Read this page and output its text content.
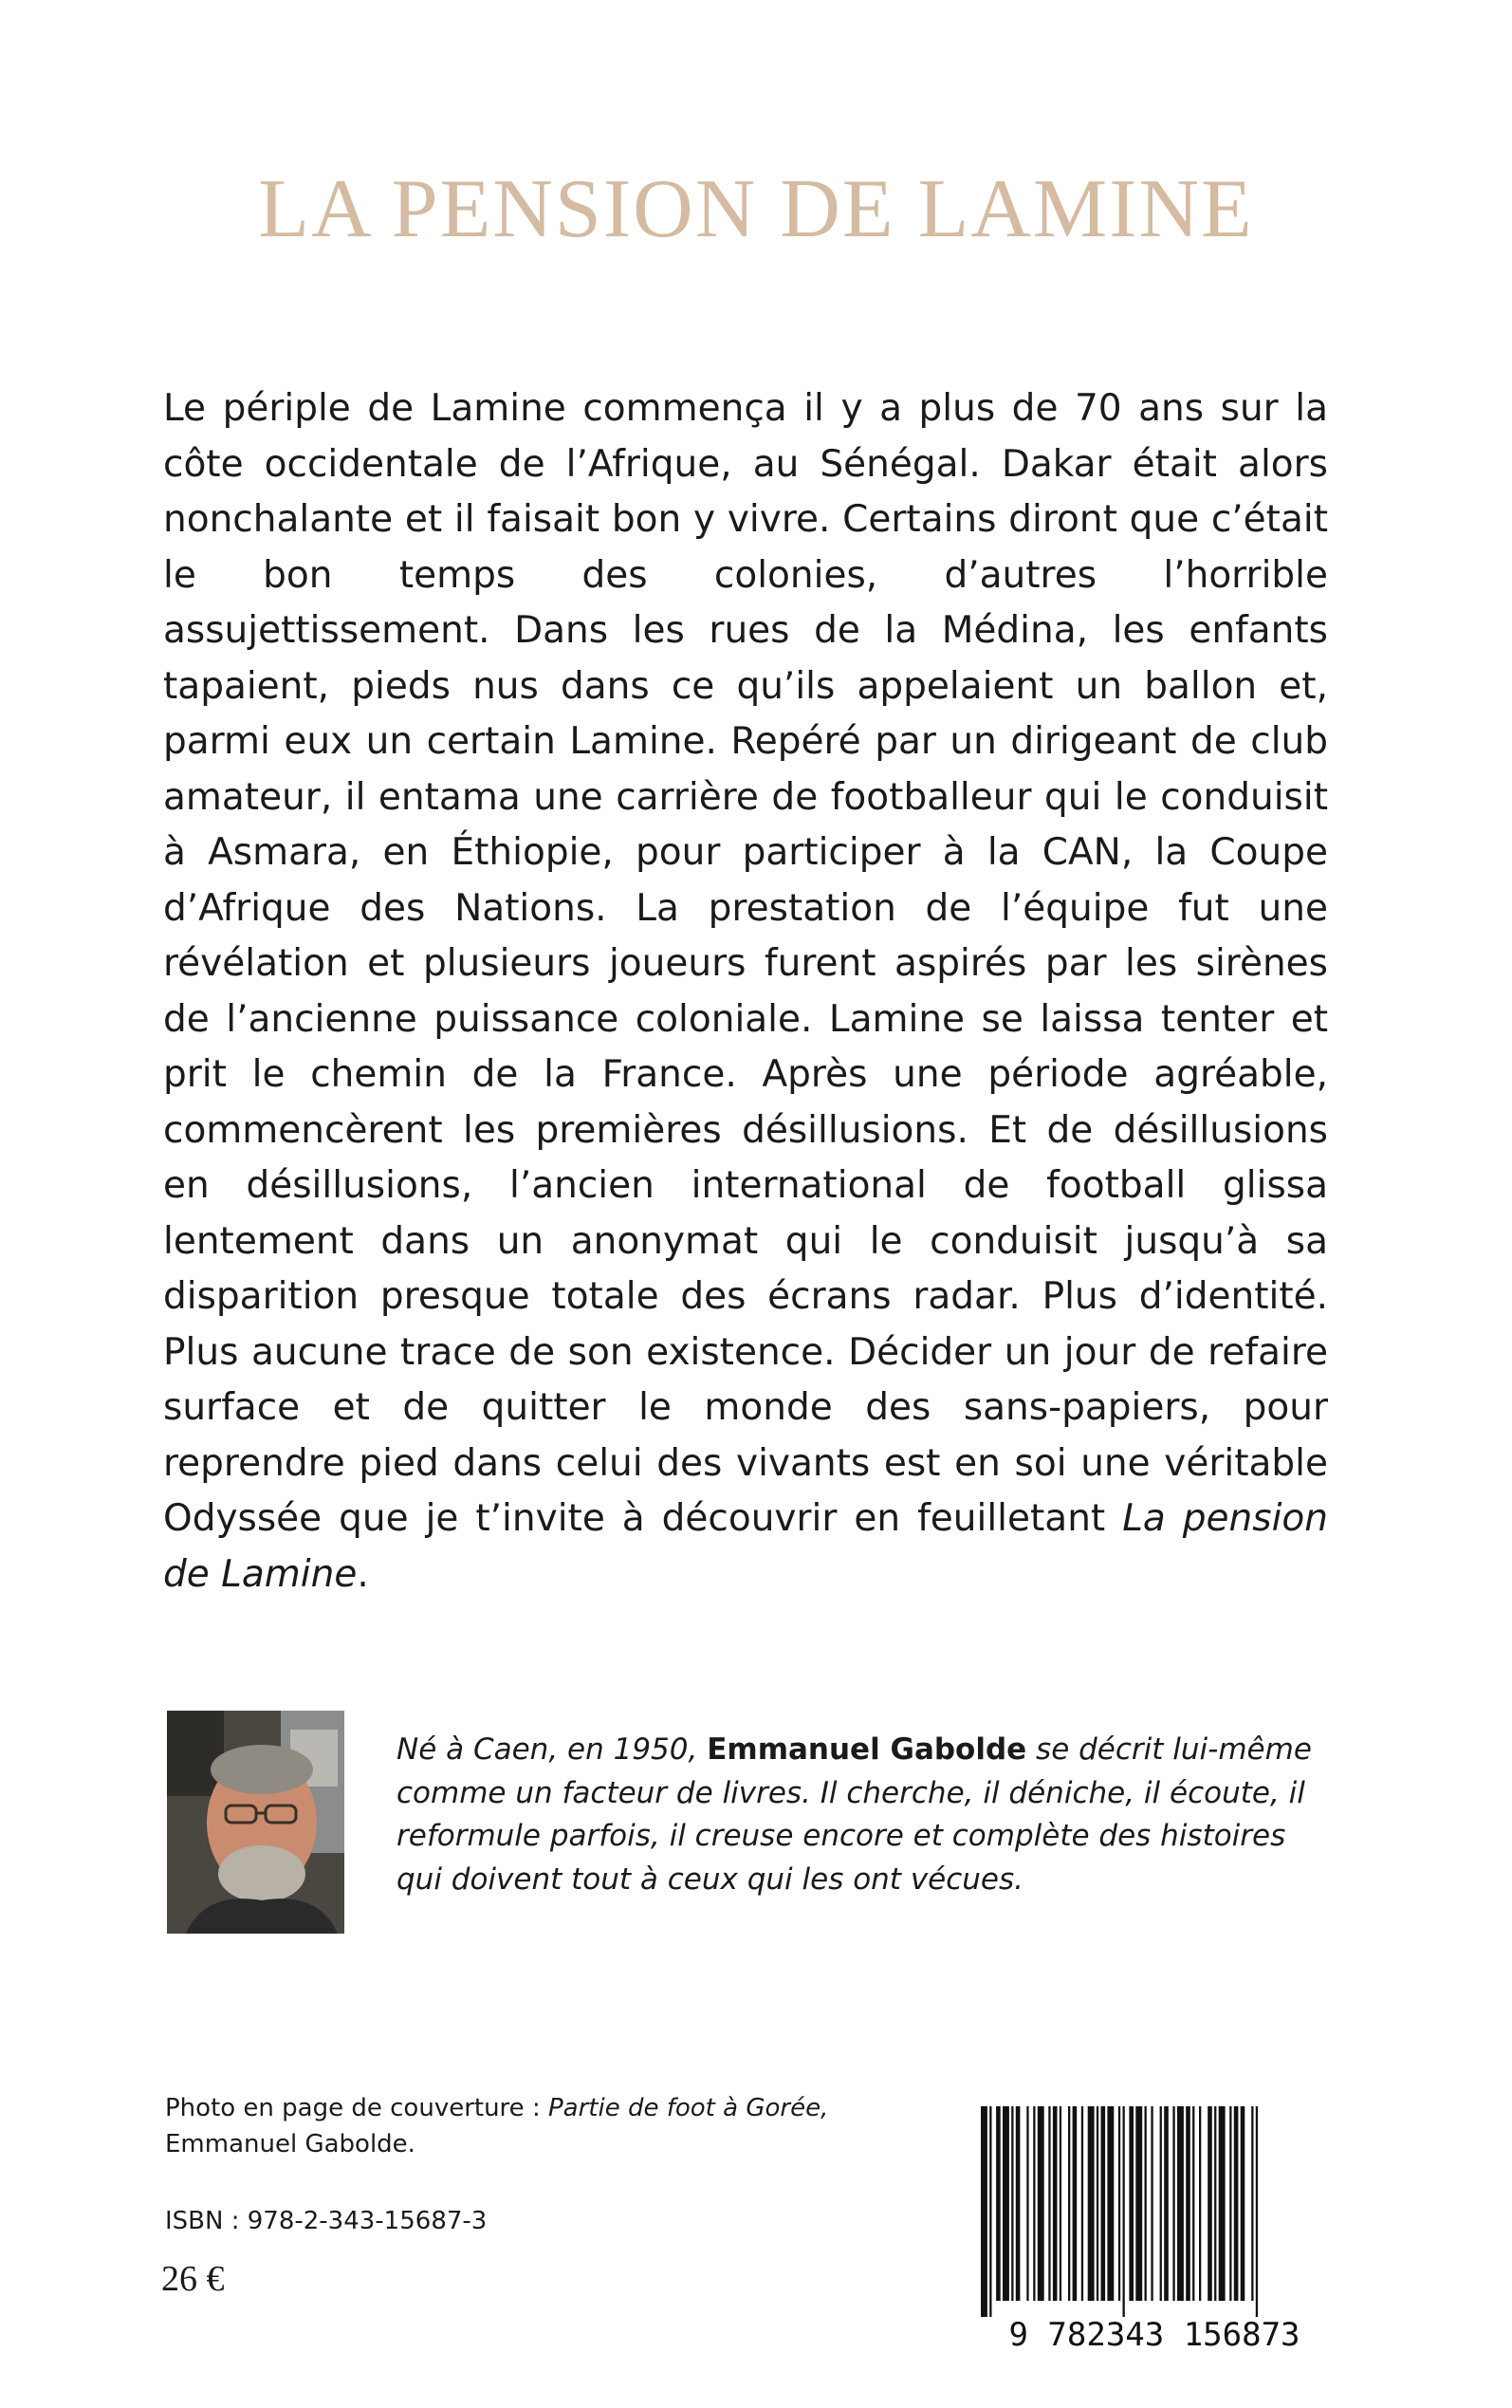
LA PENSION DE LAMINE

Le périple de Lamine commença il y a plus de 70 ans sur la côte occidentale de l’Afrique, au Sénégal. Dakar était alors nonchalante et il faisait bon y vivre. Certains diront que c’était le bon temps des colonies, d’autres l’horrible assujettissement. Dans les rues de la Médina, les enfants tapaient, pieds nus dans ce qu’ils appelaient un ballon et, parmi eux un certain Lamine. Repéré par un dirigeant de club amateur, il entama une carrière de footballeur qui le conduisit à Asmara, en Éthiopie, pour participer à la CAN, la Coupe d’Afrique des Nations. La prestation de l’équipe fut une révélation et plusieurs joueurs furent aspirés par les sirènes de l’ancienne puissance coloniale. Lamine se laissa tenter et prit le chemin de la France. Après une période agréable, commencèrent les premières désillusions. Et de désillusions en désillusions, l’ancien international de football glissa lentement dans un anonymat qui le conduisit jusqu’à sa disparition presque totale des écrans radar. Plus d’identité. Plus aucune trace de son existence. Décider un jour de refaire surface et de quitter le monde des sans-papiers, pour reprendre pied dans celui des vivants est en soi une véritable Odyssée que je t’invite à découvrir en feuilletant La pension de Lamine.

Né à Caen, en 1950, Emmanuel Gabolde se décrit lui-même comme un facteur de livres. Il cherche, il déniche, il écoute, il reformule parfois, il creuse encore et complète des histoires qui doivent tout à ceux qui les ont vécues.

Photo en page de couverture : Partie de foot à Gorée,
Emmanuel Gabolde.
ISBN : 978-2-343-15687-3
26 €
9 782343 156873
